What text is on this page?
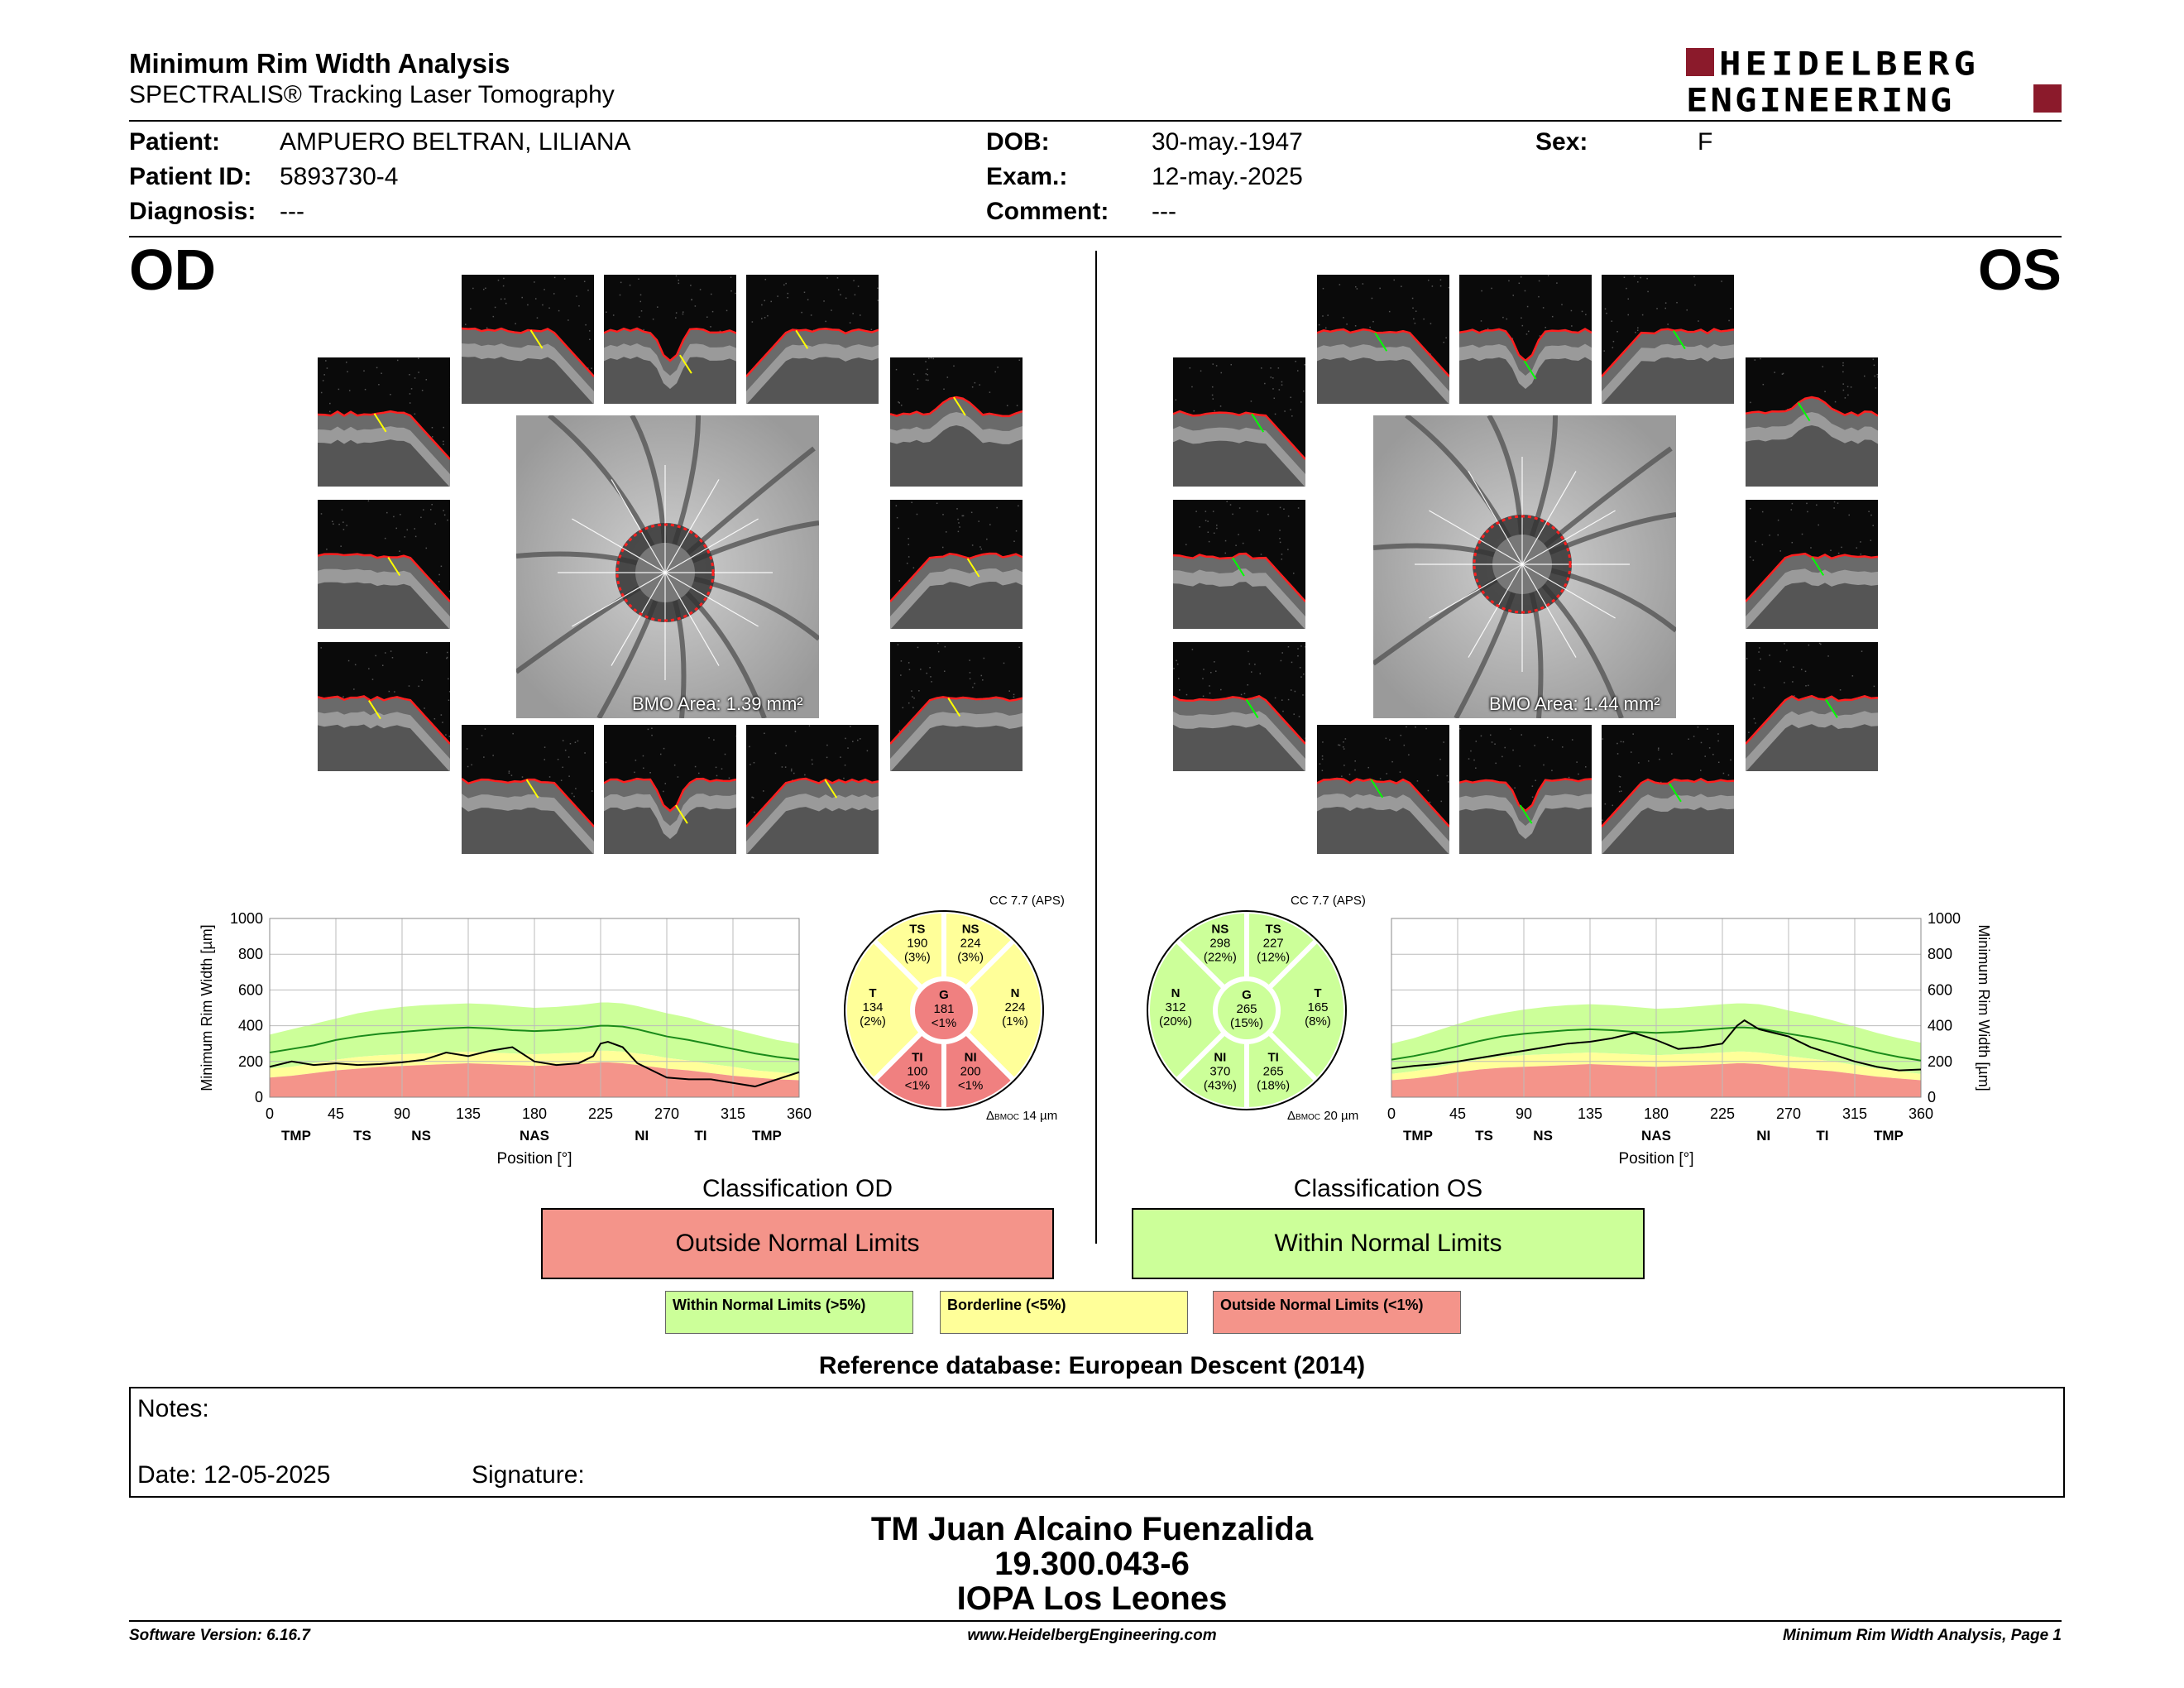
Minimum Rim Width Analysis
SPECTRALIS® Tracking Laser Tomography
HEIDELBERG
ENGINEERING
Patient: AMPUERO BELTRAN, LILIANA
Patient ID: 5893730-4
Diagnosis: ---
DOB:	30-may.-1947
Exam.:	12-may.-2025
Comment: ---
Sex:	F
OD	OS
BMO Area: 1.39 mm²	BMO Area: 1.44 mm²
0	45	90	135	180	225	270	315	360
0
200
400
600
800
1000
TMP	TS	NS	NAS	NI	TI	TMP
Position [°]
Minimum Rim Width [µm]
0	45	90	135	180	225	270	315	360
0
200
400
600
800
1000
TMP	TS	NS	NAS	NI	TI	TMP
Position [°]
Minimum Rim Width [µm]
CC 7.7 (APS)
TS
190
(3%)
NS
224
(3%)
N
224
(1%)
NI
200
<1%
TI
100
<1%
T
134
(2%)
G
181
<1%
ΔBMOC 14 µm
CC 7.7 (APS)
NS
298
(22%)
TS
227
(12%)
T
165
(8%)
TI
265
(18%)
NI
370
(43%)
N
312
(20%)
G
265
(15%)
ΔBMOC 20 µm
Classification OD
Outside Normal Limits
Classification OS
Within Normal Limits
Within Normal Limits (>5%)	Borderline (<5%)	Outside Normal Limits (<1%)
Reference database: European Descent (2014)
Notes:
Date: 12-05-2025	Signature:
TM Juan Alcaino Fuenzalida
19.300.043-6
IOPA Los Leones
Software Version: 6.16.7	www.HeidelbergEngineering.com	Minimum Rim Width Analysis, Page 1
